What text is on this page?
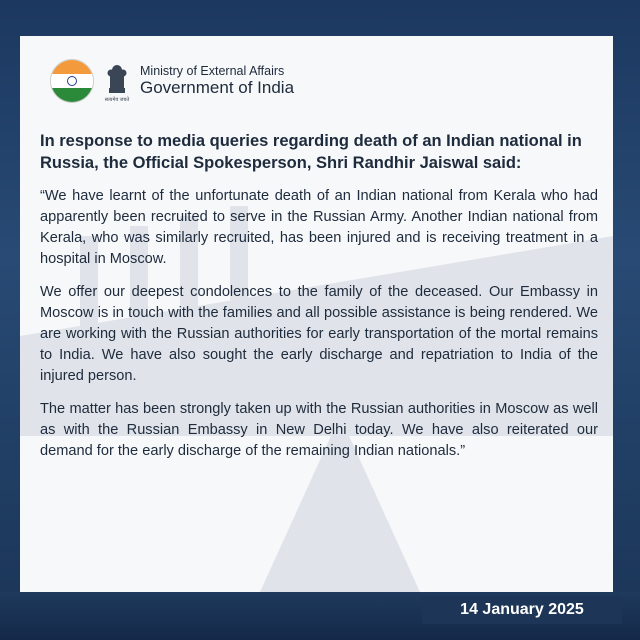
सत्यमेव जयते
Ministry of External Affairs
Government of India
In response to media queries regarding death of an Indian national in Russia, the Official Spokesperson, Shri Randhir Jaiswal said:
“We have learnt of the unfortunate death of an Indian national from Kerala who had apparently been recruited to serve in the Russian Army. Another Indian national from Kerala, who was similarly recruited, has been injured and is receiving treatment in a hospital in Moscow.
We offer our deepest condolences to the family of the deceased. Our Embassy in Moscow is in touch with the families and all possible assistance is being rendered. We are working with the Russian authorities for early transportation of the mortal remains to India. We have also sought the early discharge and repatriation to India of the injured person.
The matter has been strongly taken up with the Russian authorities in Moscow as well as with the Russian Embassy in New Delhi today. We have also reiterated our demand for the early discharge of the remaining Indian nationals.”
14 January 2025
